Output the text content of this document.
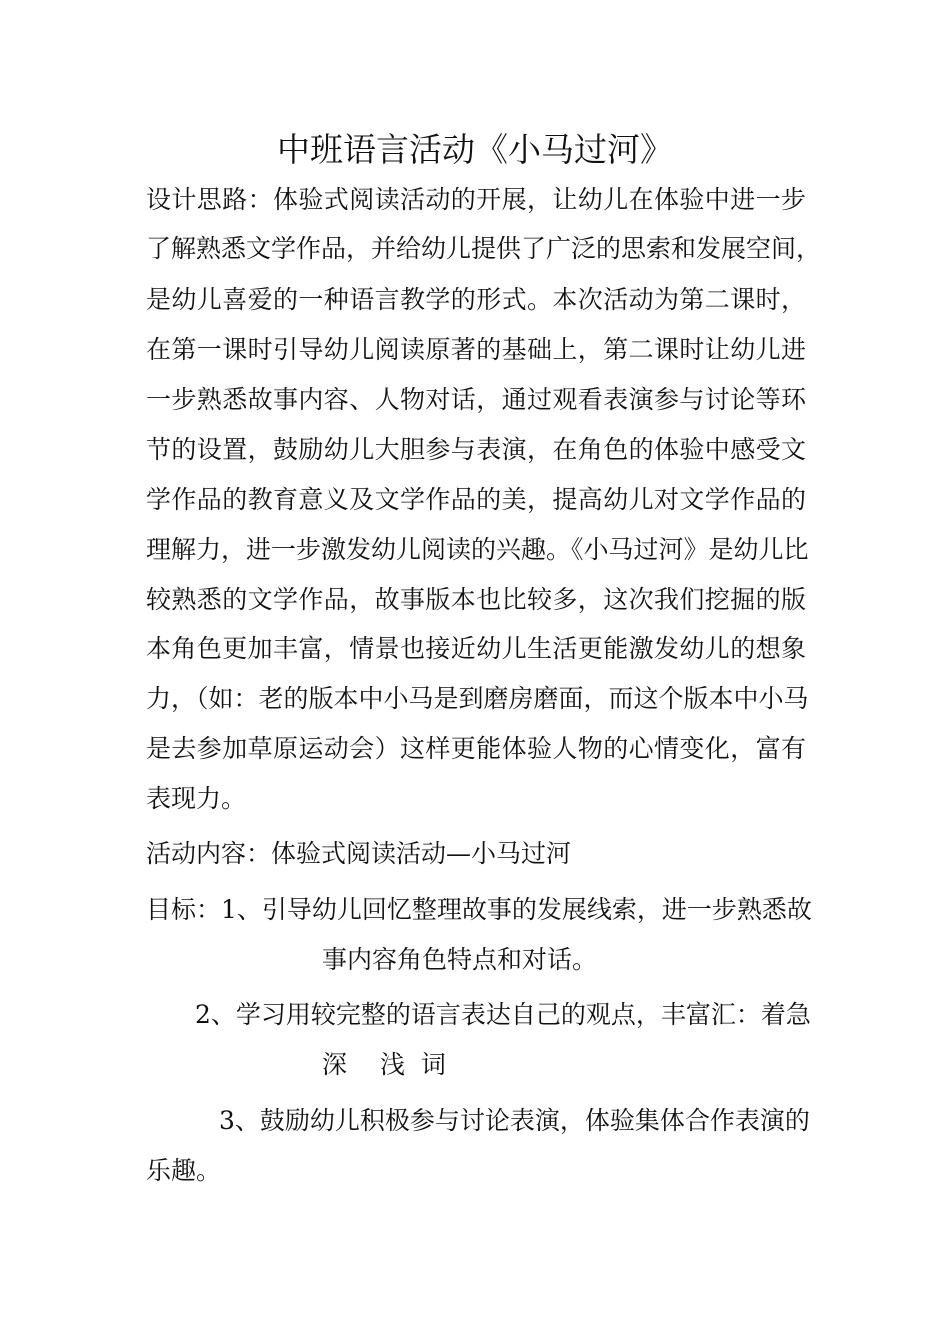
中班语言活动《小马过河》
设计思路：体验式阅读活动的开展，让幼儿在体验中进一步
了解熟悉文学作品，并给幼儿提供了广泛的思索和发展空间，
是幼儿喜爱的一种语言教学的形式。本次活动为第二课时，
在第一课时引导幼儿阅读原著的基础上，第二课时让幼儿进
一步熟悉故事内容、人物对话，通过观看表演参与讨论等环
节的设置，鼓励幼儿大胆参与表演，在角色的体验中感受文
学作品的教育意义及文学作品的美，提高幼儿对文学作品的
理解力，进一步激发幼儿阅读的兴趣。《小马过河》是幼儿比
较熟悉的文学作品，故事版本也比较多，这次我们挖掘的版
本角色更加丰富，情景也接近幼儿生活更能激发幼儿的想象
力，（如：老的版本中小马是到磨房磨面，而这个版本中小马
是去参加草原运动会）这样更能体验人物的心情变化，富有
表现力。
活动内容：体验式阅读活动—小马过河
目标：1、引导幼儿回忆整理故事的发展线索，进一步熟悉故
事内容角色特点和对话。
2、学习用较完整的语言表达自己的观点，丰富汇：着急
深　 浅  词
3、鼓励幼儿积极参与讨论表演，体验集体合作表演的
乐趣。
